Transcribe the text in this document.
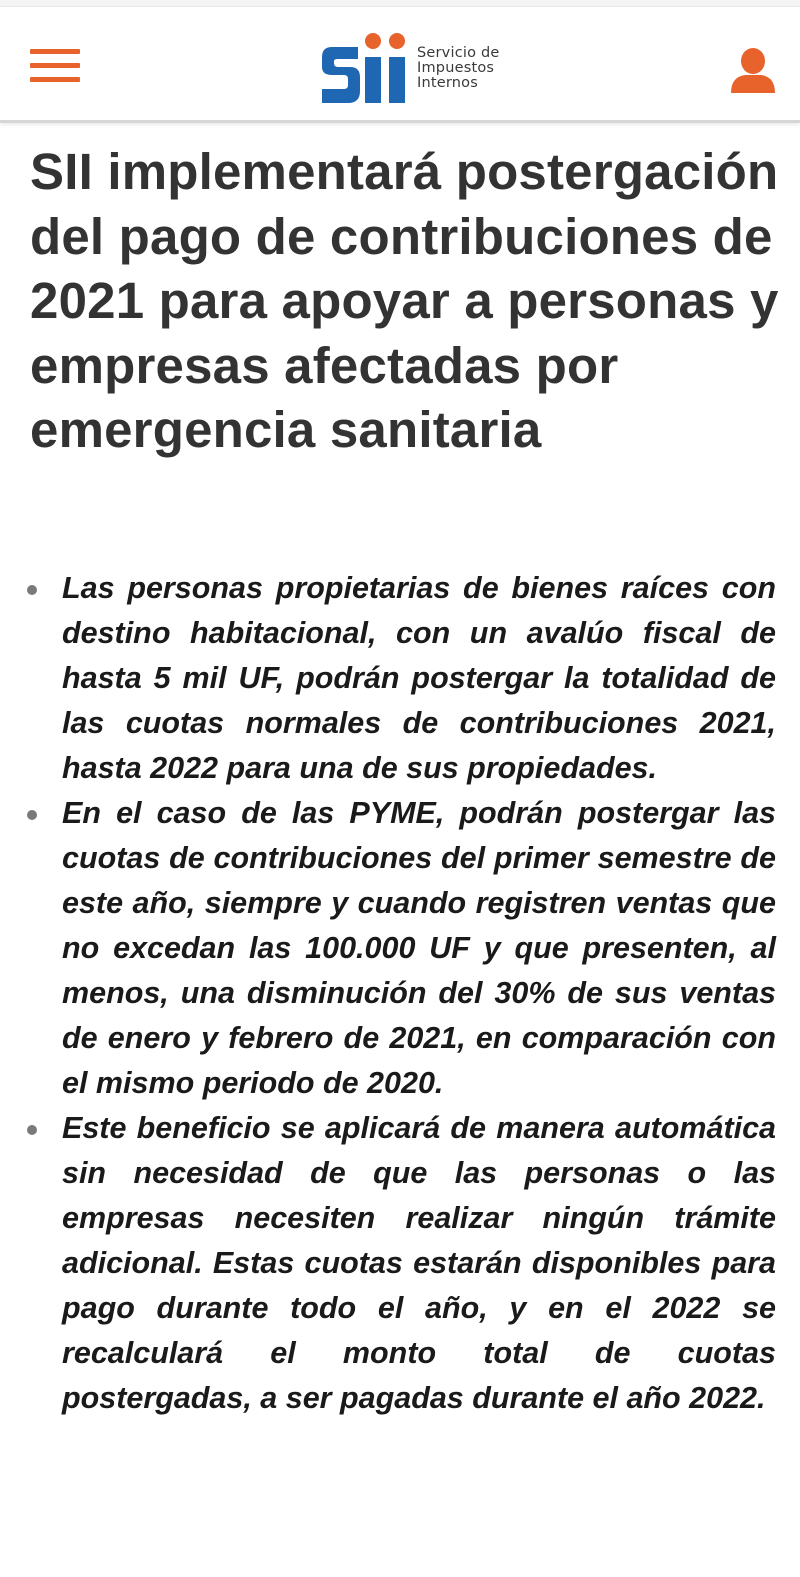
Servicio de
Impuestos
Internos
SII implementará postergación del pago de contribuciones de 2021 para apoyar a personas y empresas afectadas por emergencia sanitaria
Las personas propietarias de bienes raíces con destino habitacional, con un avalúo fiscal de hasta 5 mil UF, podrán postergar la totalidad de las cuotas normales de contribuciones 2021, hasta 2022 para una de sus propiedades.
En el caso de las PYME, podrán postergar las cuotas de contribuciones del primer semestre de este año, siempre y cuando registren ventas que no excedan las 100.000 UF y que presenten, al menos, una disminución del 30% de sus ventas de enero y febrero de 2021, en comparación con el mismo periodo de 2020.
Este beneficio se aplicará de manera automática sin necesidad de que las personas o las empresas necesiten realizar ningún trámite adicional. Estas cuotas estarán disponibles para pago durante todo el año, y en el 2022 se recalculará el monto total de cuotas postergadas, a ser pagadas durante el año 2022.
